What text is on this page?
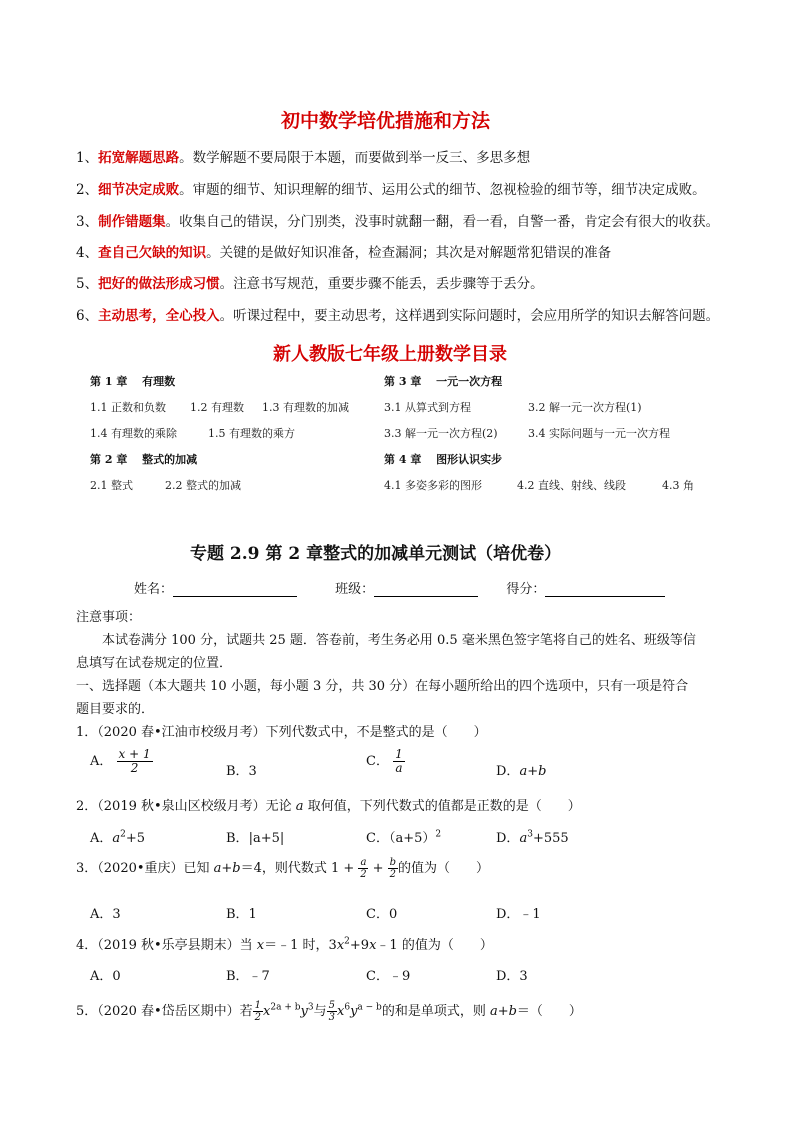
初中数学培优措施和方法
1、拓宽解题思路。数学解题不要局限于本题，而要做到举一反三、多思多想
2、细节决定成败。审题的细节、知识理解的细节、运用公式的细节、忽视检验的细节等，细节决定成败。
3、制作错题集。收集自己的错误，分门别类，没事时就翻一翻，看一看，自警一番，肯定会有很大的收获。
4、查自己欠缺的知识。关键的是做好知识准备，检查漏洞；其次是对解题常犯错误的准备
5、把好的做法形成习惯。注意书写规范，重要步骤不能丢，丢步骤等于丢分。
6、主动思考，全心投入。听课过程中，要主动思考，这样遇到实际问题时，会应用所学的知识去解答问题。
新人教版七年级上册数学目录
第 1 章　 有理数
1.1 正数和负数 1.2 有理数 1.3 有理数的加减
1.4 有理数的乘除	1.5 有理数的乘方
第 2 章　 整式的加减
2.1 整式	2.2 整式的加减
第 3 章　 一元一次方程
3.1 从算式到方程	3.2 解一元一次方程(1)
3.3 解一元一次方程(2)	3.4 实际问题与一元一次方程
第 4 章　 图形认识实步
4.1 多姿多彩的图形	4.2 直线、射线、线段	4.3 角
专题 2.9 第 2 章整式的加减单元测试（培优卷）
姓名：	班级：	得分：
注意事项：
本试卷满分 100 分，试题共 25 题．答卷前，考生务必用 0.5 毫米黑色签字笔将自己的姓名、班级等信
息填写在试卷规定的位置．
一、选择题（本大题共 10 小题，每小题 3 分，共 30 分）在每小题所给出的四个选项中，只有一项是符合
题目要求的．
1．（2020 春•江油市校级月考）下列代数式中，不是整式的是（　　）
A． $\frac{x + 1}{2}$	B．3
C． $\frac{1}{a}$	D．a+b
2．（2019 秋•泉山区校级月考）无论 a 取何值，下列代数式的值都是正数的是（　　）
A．$a^2+5$	B．|a+5|	C．$(a+5)^2$	D．$a^3+555$
3．（2020•重庆）已知 a+b＝4，则代数式 $1 + \frac{a}{2} + \frac{b}{2}$ 的值为（　　）
A．3	B．1	C．0	D．﹣1
4．（2019 秋•乐亭县期末）当 x＝﹣1 时，$3x^2+9x﹣1$ 的值为（　　）
A．0	B．﹣7	C．﹣9	D．3
5．（2020 春•岱岳区期中）若 $\frac{1}{2} x^{2a + b}y^3$与 $\frac{5}{3} x^6y^{a - b}$的和是单项式，则 a+b＝（　　）
